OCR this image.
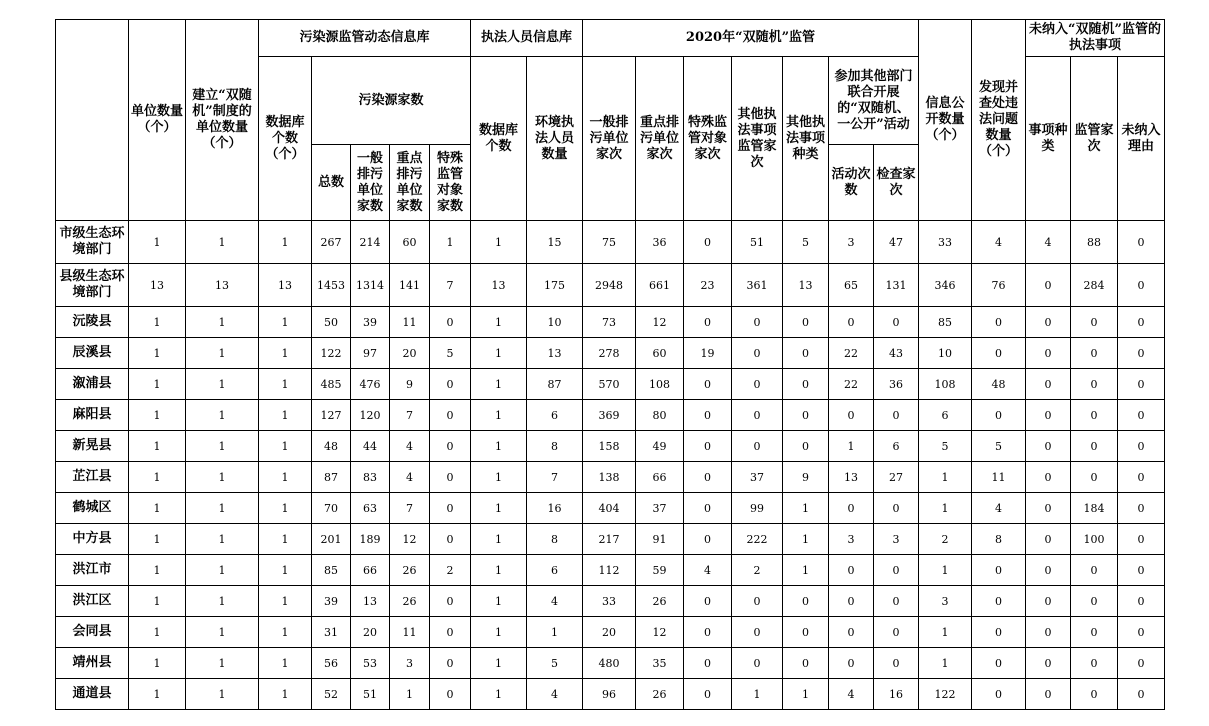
	单位数量（个）	建立“双随机”制度的单位数量（个）	污染源监管动态信息库					执法人员信息库		2020年“双随机”监管							信息公开数量（个）	发现并查处违法问题数量（个）	未纳入“双随机”监管的执法事项		

			数据库个数（个）	污染源家数				数据库个数	环境执法人员数量	一般排污单位家次	重点排污单位家次	特殊监管对象家次	其他执法事项监管家次	其他执法事项种类	参加其他部门联合开展的“双随机、一公开”活动				事项种类	监管家次	未纳入理由

				总数	一般排污单位家数	重点排污单位家数	特殊监管对象家数								活动次数	检查家次					

市级生态环境部门	1	1	1	267	214	60	1	1	15	75	36	0	51	5	3	47	33	4	4	88	0
县级生态环境部门	13	13	13	1453	1314	141	7	13	175	2948	661	23	361	13	65	131	346	76	0	284	0
沅陵县	1	1	1	50	39	11	0	1	10	73	12	0	0	0	0	0	85	0	0	0	0
辰溪县	1	1	1	122	97	20	5	1	13	278	60	19	0	0	22	43	10	0	0	0	0
溆浦县	1	1	1	485	476	9	0	1	87	570	108	0	0	0	22	36	108	48	0	0	0
麻阳县	1	1	1	127	120	7	0	1	6	369	80	0	0	0	0	0	6	0	0	0	0
新晃县	1	1	1	48	44	4	0	1	8	158	49	0	0	0	1	6	5	5	0	0	0
芷江县	1	1	1	87	83	4	0	1	7	138	66	0	37	9	13	27	1	11	0	0	0
鹤城区	1	1	1	70	63	7	0	1	16	404	37	0	99	1	0	0	1	4	0	184	0
中方县	1	1	1	201	189	12	0	1	8	217	91	0	222	1	3	3	2	8	0	100	0
洪江市	1	1	1	85	66	26	2	1	6	112	59	4	2	1	0	0	1	0	0	0	0
洪江区	1	1	1	39	13	26	0	1	4	33	26	0	0	0	0	0	3	0	0	0	0
会同县	1	1	1	31	20	11	0	1	1	20	12	0	0	0	0	0	1	0	0	0	0
靖州县	1	1	1	56	53	3	0	1	5	480	35	0	0	0	0	0	1	0	0	0	0
通道县	1	1	1	52	51	1	0	1	4	96	26	0	1	1	4	16	122	0	0	0	0
